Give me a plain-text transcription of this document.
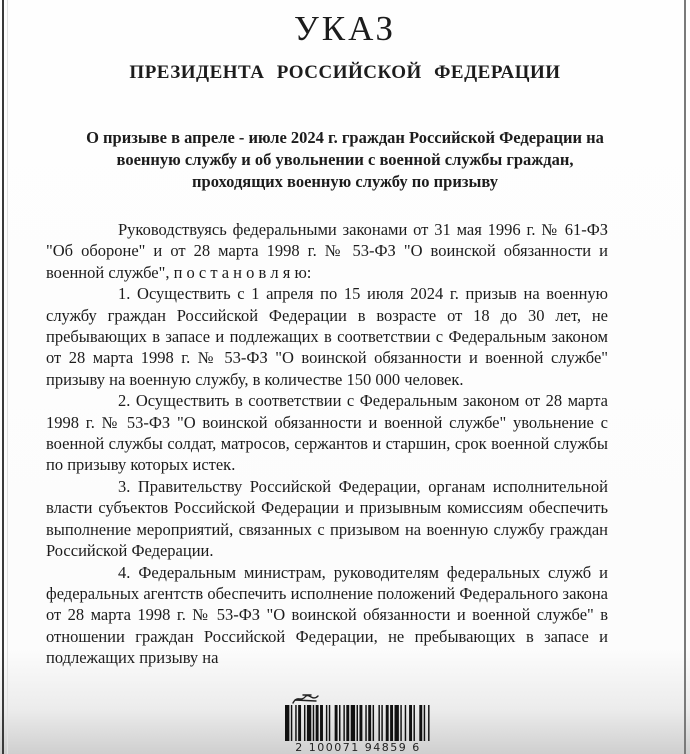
УКАЗ
ПРЕЗИДЕНТА РОССИЙСКОЙ ФЕДЕРАЦИИ
О призыве в апреле - июле 2024 г. граждан Российской Федерации на военную службу и об увольнении с военной службы граждан, проходящих военную службу по призыву

Руководствуясь федеральными законами от 31 мая 1996 г. № 61-ФЗ "Об обороне" и от 28 марта 1998 г. № 53-ФЗ "О воинской обязанности и военной службе", п о с т а н о в л я ю:

1. Осуществить с 1 апреля по 15 июля 2024 г. призыв на военную службу граждан Российской Федерации в возрасте от 18 до 30 лет, не пребывающих в запасе и подлежащих в соответствии с Федеральным законом от 28 марта 1998 г. № 53-ФЗ "О воинской обязанности и военной службе" призыву на военную службу, в количестве 150 000 человек.

2. Осуществить в соответствии с Федеральным законом от 28 марта 1998 г. № 53-ФЗ "О воинской обязанности и военной службе" увольнение с военной службы солдат, матросов, сержантов и старшин, срок военной службы по призыву которых истек.

3. Правительству Российской Федерации, органам исполнительной власти субъектов Российской Федерации и призывным комиссиям обеспечить выполнение мероприятий, связанных с призывом на военную службу граждан Российской Федерации.

4. Федеральным министрам, руководителям федеральных служб и федеральных агентств обеспечить исполнение положений Федерального закона от 28 марта 1998 г. № 53-ФЗ "О воинской обязанности и военной службе" в отношении граждан Российской Федерации, не пребывающих в запасе и подлежащих призыву на

2 100071 94859 6
